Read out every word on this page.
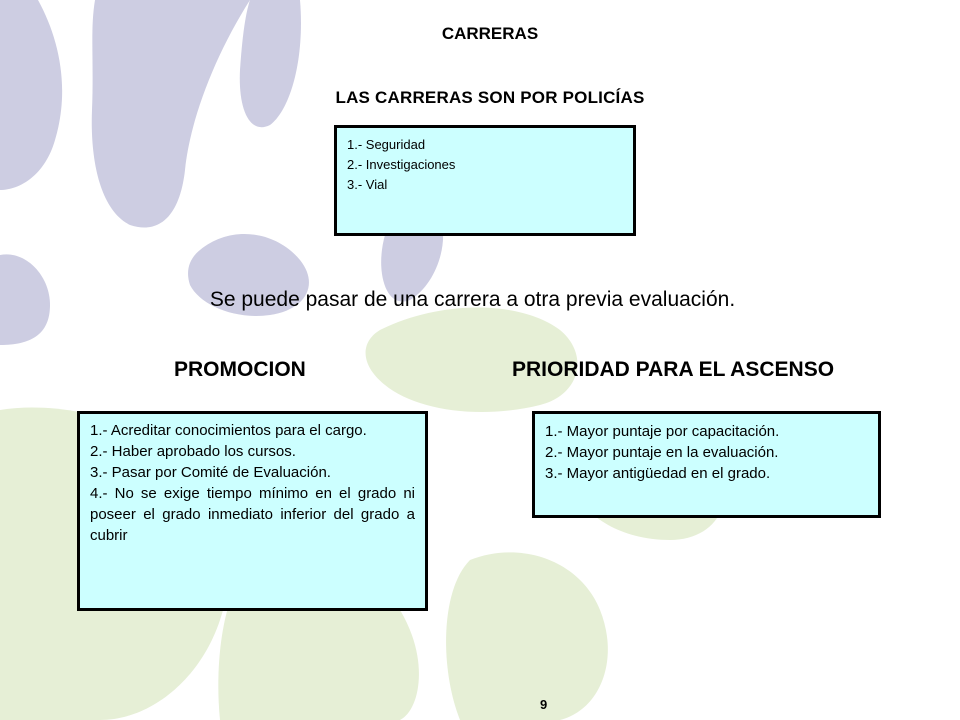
CARRERAS
LAS CARRERAS SON POR POLICÍAS
1.- Seguridad
2.- Investigaciones
3.- Vial
Se puede pasar de una carrera a otra previa evaluación.
PROMOCION	PRIORIDAD PARA EL ASCENSO
1.- Acreditar conocimientos para el cargo.
2.- Haber aprobado los cursos.
3.- Pasar por Comité de Evaluación.
4.- No se exige tiempo mínimo en el grado ni poseer el grado inmediato inferior del grado a cubrir
1.- Mayor puntaje por capacitación.
2.- Mayor puntaje en la evaluación.
3.- Mayor antigüedad en el grado.
9
